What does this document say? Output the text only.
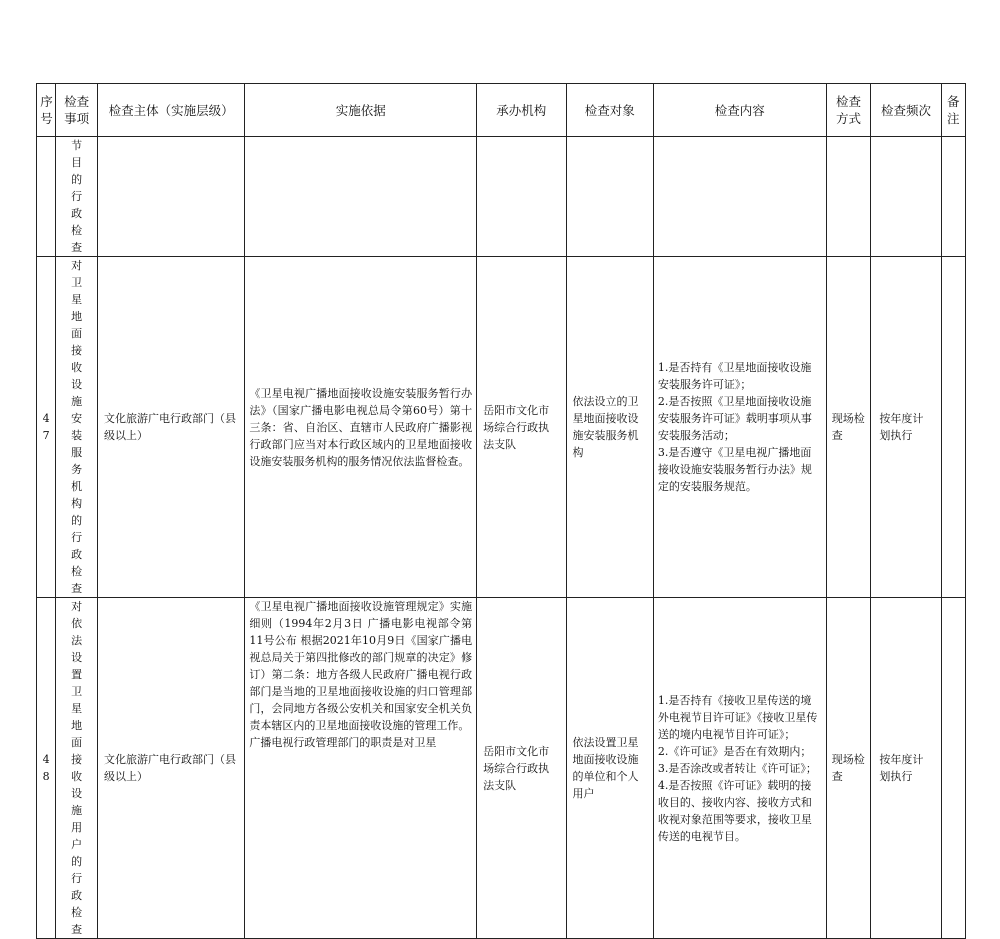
序号	检查事项	检查主体（实施层级）	实施依据	承办机构	检查对象	检查内容	检查方式	检查频次	备注

	节目的行政检查								

47	对卫星地面接收设施安装服务机构的行政检查	文化旅游广电行政部门（县级以上）	《卫星电视广播地面接收设施安装服务暂行办法》（国家广播电影电视总局令第60号）第十三条：省、自治区、直辖市人民政府广播影视行政部门应当对本行政区域内的卫星地面接收设施安装服务机构的服务情况依法监督检查。	岳阳市文化市场综合行政执法支队	依法设立的卫星地面接收设施安装服务机构	1.是否持有《卫星地面接收设施安装服务许可证》；
2.是否按照《卫星地面接收设施安装服务许可证》载明事项从事安装服务活动；
3.是否遵守《卫星电视广播地面接收设施安装服务暂行办法》规定的安装服务规范。	现场检查	按年度计划执行	

48	对依法设置卫星地面接收设施用户的行政检查	文化旅游广电行政部门（县级以上）	《卫星电视广播地面接收设施管理规定》实施细则（1994年2月3日 广播电影电视部令第11号公布 根据2021年10月9日《国家广播电视总局关于第四批修改的部门规章的决定》修订）第二条：地方各级人民政府广播电视行政部门是当地的卫星地面接收设施的归口管理部门，会同地方各级公安机关和国家安全机关负责本辖区内的卫星地面接收设施的管理工作。
广播电视行政管理部门的职责是对卫星	岳阳市文化市场综合行政执法支队	依法设置卫星地面接收设施的单位和个人用户	1.是否持有《接收卫星传送的境外电视节目许可证》《接收卫星传送的境内电视节目许可证》；
2.《许可证》是否在有效期内；
3.是否涂改或者转让《许可证》；
4.是否按照《许可证》载明的接收目的、接收内容、接收方式和收视对象范围等要求，接收卫星传送的电视节目。	现场检查	按年度计划执行	
